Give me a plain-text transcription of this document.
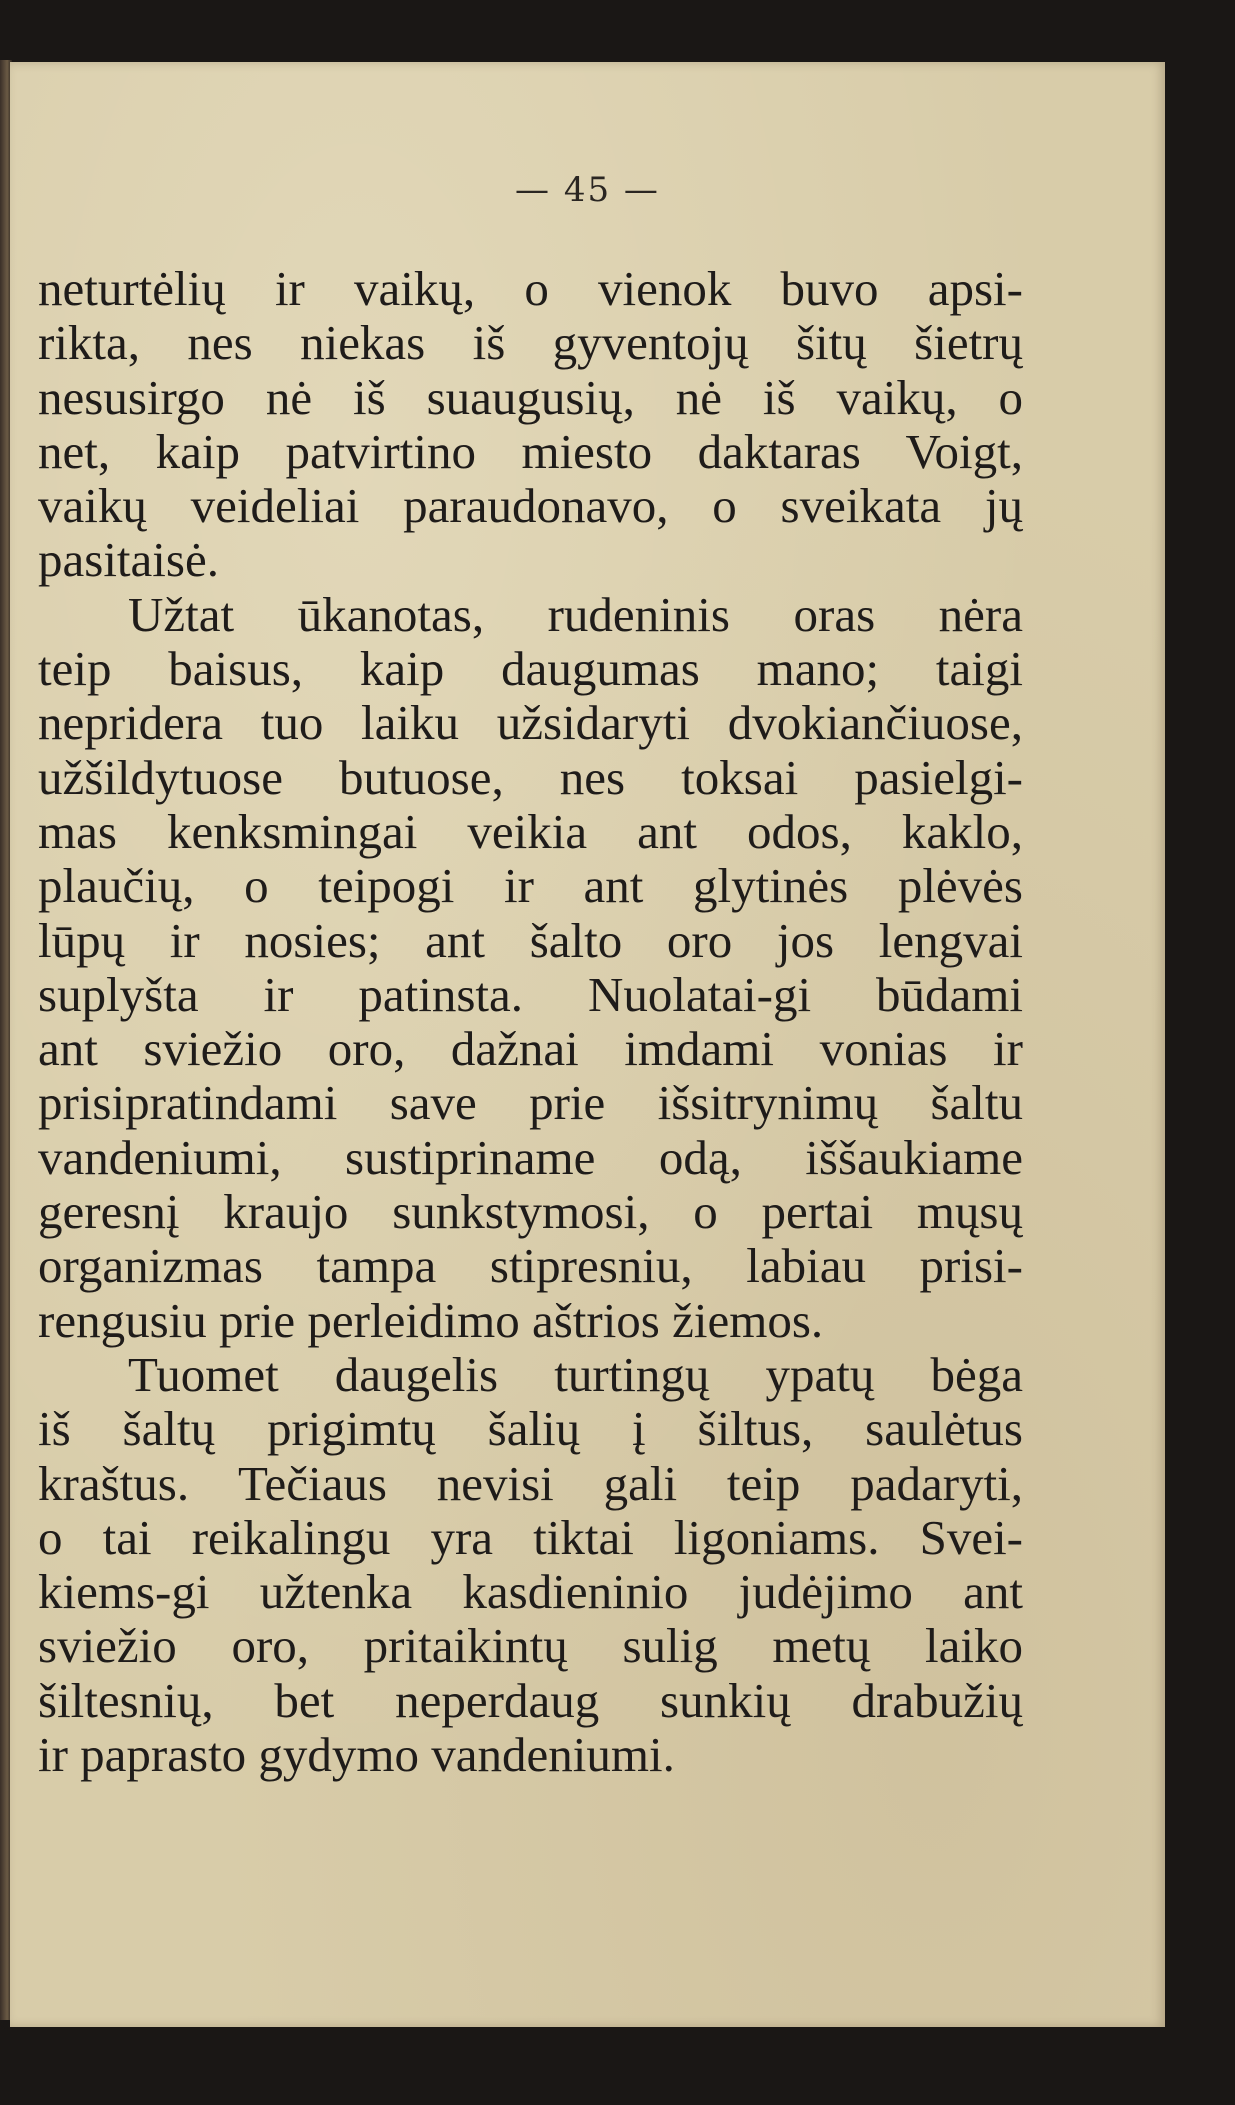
— 45 —
neturtėlių ir vaikų, o vienok buvo apsi-
rikta, nes niekas iš gyventojų šitų šietrų
nesusirgo nė iš suaugusių, nė iš vaikų, o
net, kaip patvirtino miesto daktaras Voigt,
vaikų veideliai paraudonavo, o sveikata jų
pasitaisė.
Užtat ūkanotas, rudeninis oras nėra
teip baisus, kaip daugumas mano; taigi
nepridera tuo laiku užsidaryti dvokiančiuose,
užšildytuose butuose, nes toksai pasielgi-
mas kenksmingai veikia ant odos, kaklo,
plaučių, o teipogi ir ant glytinės plėvės
lūpų ir nosies; ant šalto oro jos lengvai
suplyšta ir patinsta. Nuolatai-gi būdami
ant sviežio oro, dažnai imdami vonias ir
prisipratindami save prie išsitrynimų šaltu
vandeniumi, sustipriname odą, iššaukiame
geresnį kraujo sunkstymosi, o pertai mųsų
organizmas tampa stipresniu, labiau prisi-
rengusiu prie perleidimo aštrios žiemos.
Tuomet daugelis turtingų ypatų bėga
iš šaltų prigimtų šalių į šiltus, saulėtus
kraštus. Tečiaus nevisi gali teip padaryti,
o tai reikalingu yra tiktai ligoniams. Svei-
kiems-gi užtenka kasdieninio judėjimo ant
sviežio oro, pritaikintų sulig metų laiko
šiltesnių, bet neperdaug sunkių drabužių
ir paprasto gydymo vandeniumi.
